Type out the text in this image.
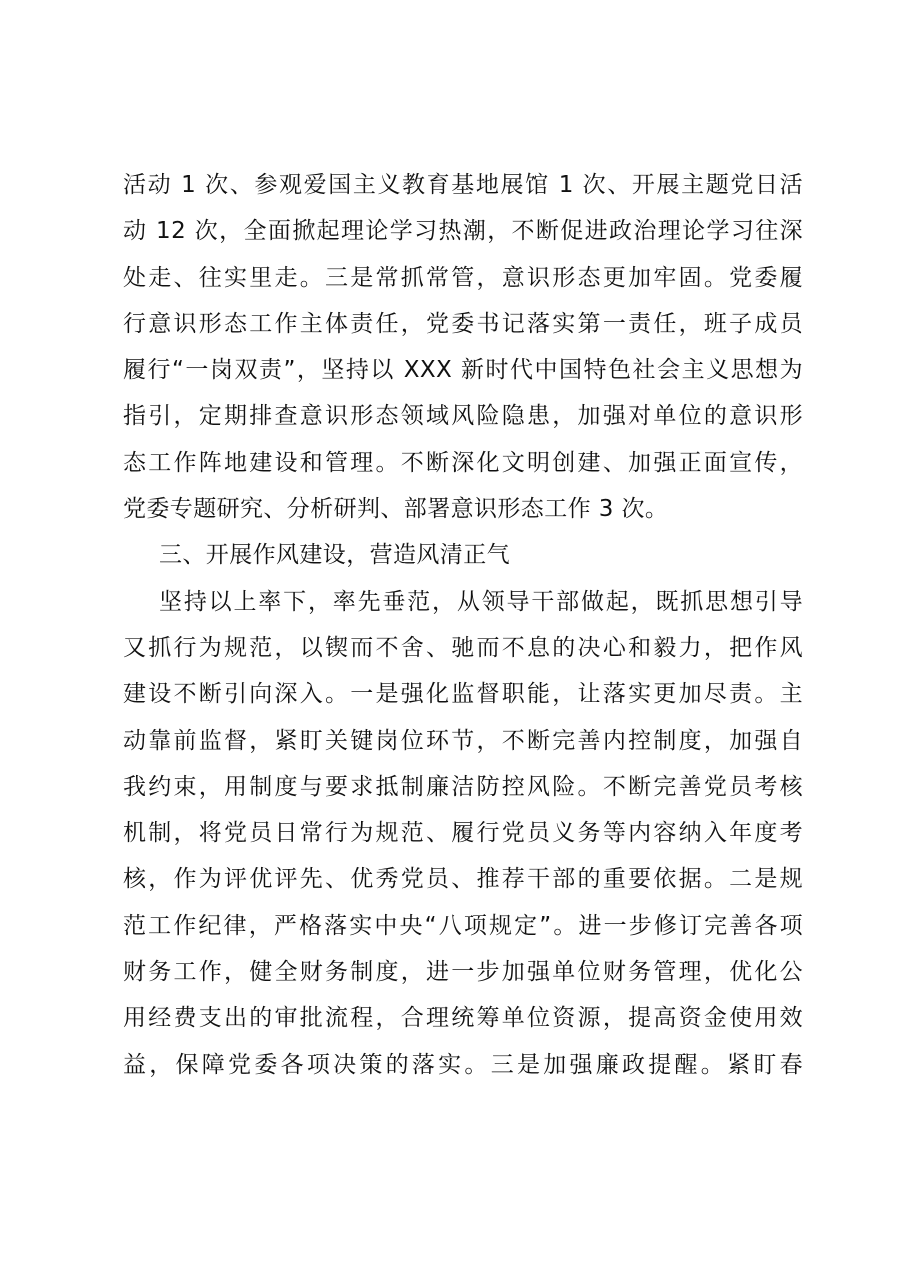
活动 1 次、参观爱国主义教育基地展馆 1 次、开展主题党日活
动 12 次，全面掀起理论学习热潮，不断促进政治理论学习往深
处走、往实里走。三是常抓常管，意识形态更加牢固。党委履
行意识形态工作主体责任，党委书记落实第一责任，班子成员
履行“一岗双责”，坚持以 XXX 新时代中国特色社会主义思想为
指引，定期排查意识形态领域风险隐患，加强对单位的意识形
态工作阵地建设和管理。不断深化文明创建、加强正面宣传，
党委专题研究、分析研判、部署意识形态工作 3 次。
三、开展作风建设，营造风清正气
坚持以上率下，率先垂范，从领导干部做起，既抓思想引导
又抓行为规范，以锲而不舍、驰而不息的决心和毅力，把作风
建设不断引向深入。一是强化监督职能，让落实更加尽责。主
动靠前监督，紧盯关键岗位环节，不断完善内控制度，加强自
我约束，用制度与要求抵制廉洁防控风险。不断完善党员考核
机制，将党员日常行为规范、履行党员义务等内容纳入年度考
核，作为评优评先、优秀党员、推荐干部的重要依据。二是规
范工作纪律，严格落实中央“八项规定”。进一步修订完善各项
财务工作，健全财务制度，进一步加强单位财务管理，优化公
用经费支出的审批流程，合理统筹单位资源，提高资金使用效
益，保障党委各项决策的落实。三是加强廉政提醒。紧盯春
